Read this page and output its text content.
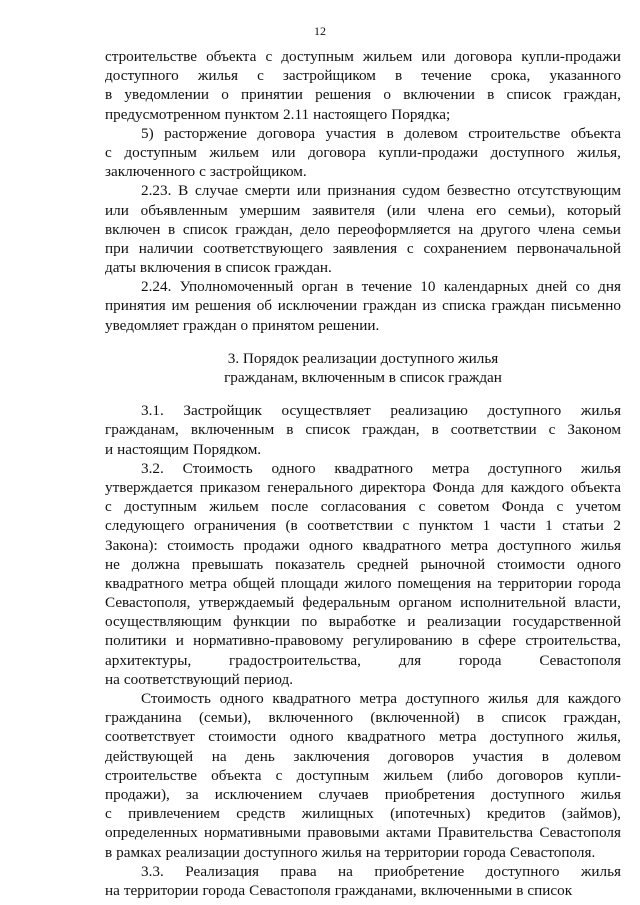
12
строительстве объекта с доступным жильем или договора купли-продажи
доступного жилья с застройщиком в течение срока, указанного
в уведомлении о принятии решения о включении в список граждан,
предусмотренном пунктом 2.11 настоящего Порядка;
5) расторжение договора участия в долевом строительстве объекта
с доступным жильем или договора купли-продажи доступного жилья,
заключенного с застройщиком.
2.23. В случае смерти или признания судом безвестно отсутствующим
или объявленным умершим заявителя (или члена его семьи), который
включен в список граждан, дело переоформляется на другого члена семьи
при наличии соответствующего заявления с сохранением первоначальной
даты включения в список граждан.
2.24. Уполномоченный орган в течение 10 календарных дней со дня
принятия им решения об исключении граждан из списка граждан письменно
уведомляет граждан о принятом решении.
3. Порядок реализации доступного жилья
гражданам, включенным в список граждан
3.1. Застройщик осуществляет реализацию доступного жилья
гражданам, включенным в список граждан, в соответствии с Законом
и настоящим Порядком.
3.2. Стоимость одного квадратного метра доступного жилья
утверждается приказом генерального директора Фонда для каждого объекта
с доступным жильем после согласования с советом Фонда с учетом
следующего ограничения (в соответствии с пунктом 1 части 1 статьи 2
Закона): стоимость продажи одного квадратного метра доступного жилья
не должна превышать показатель средней рыночной стоимости одного
квадратного метра общей площади жилого помещения на территории города
Севастополя, утверждаемый федеральным органом исполнительной власти,
осуществляющим функции по выработке и реализации государственной
политики и нормативно-правовому регулированию в сфере строительства,
архитектуры, градостроительства, для города Севастополя
на соответствующий период.
Стоимость одного квадратного метра доступного жилья для каждого
гражданина (семьи), включенного (включенной) в список граждан,
соответствует стоимости одного квадратного метра доступного жилья,
действующей на день заключения договоров участия в долевом
строительстве объекта с доступным жильем (либо договоров купли-
продажи), за исключением случаев приобретения доступного жилья
с привлечением средств жилищных (ипотечных) кредитов (займов),
определенных нормативными правовыми актами Правительства Севастополя
в рамках реализации доступного жилья на территории города Севастополя.
3.3. Реализация права на приобретение доступного жилья
на территории города Севастополя гражданами, включенными в список
